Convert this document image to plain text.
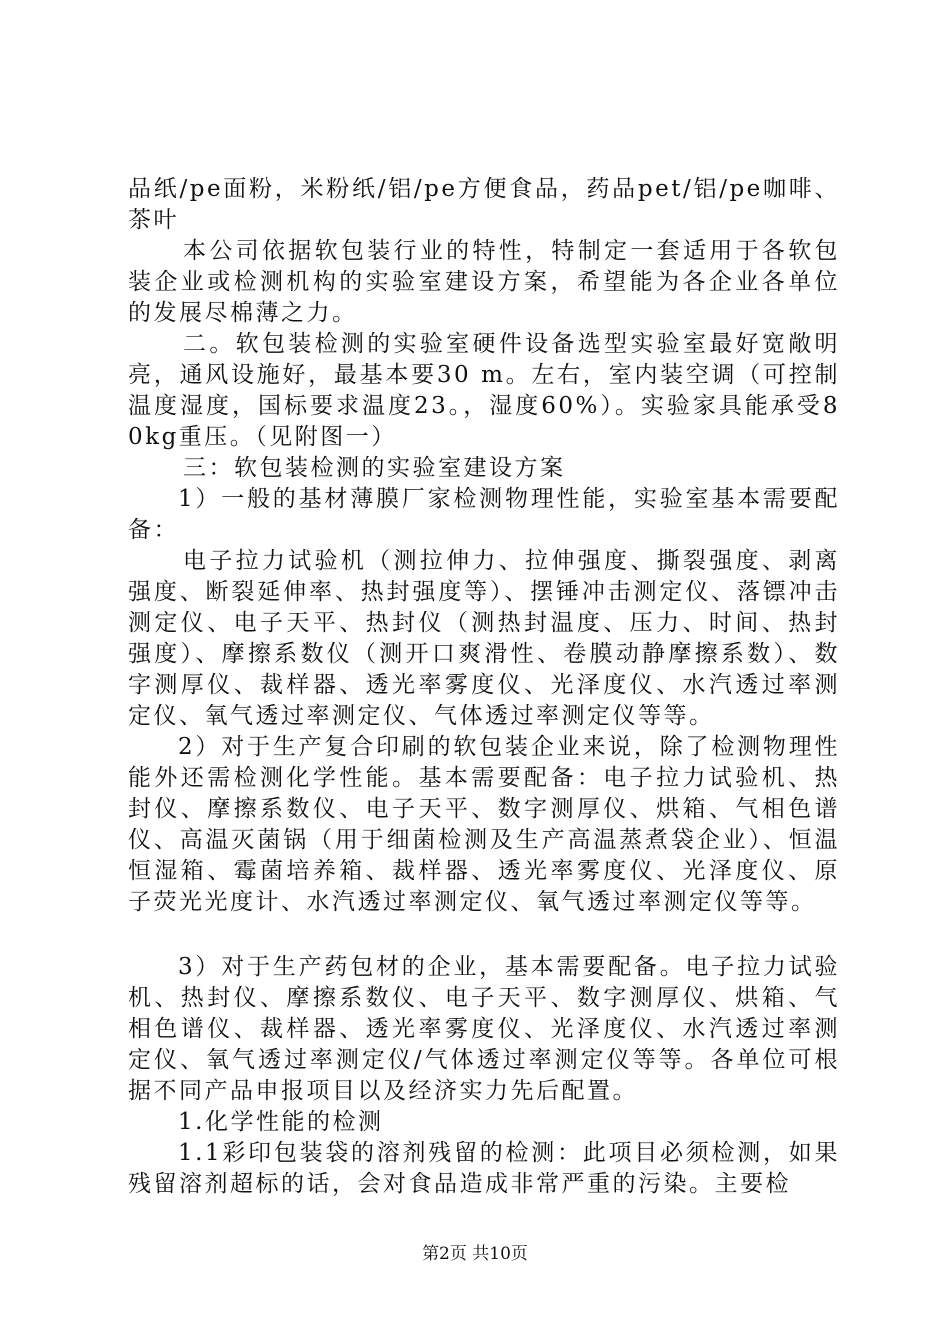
品纸/pe面粉，米粉纸/铝/pe方便食品，药品pet/铝/pe咖啡、茶叶

本公司依据软包装行业的特性，特制定一套适用于各软包装企业或检测机构的实验室建设方案，希望能为各企业各单位的发展尽棉薄之力。

二。软包装检测的实验室硬件设备选型实验室最好宽敞明亮，通风设施好，最基本要30 m。左右，室内装空调（可控制温度湿度，国标要求温度23。，湿度60%）。实验家具能承受80kg重压。（见附图一）

三：软包装检测的实验室建设方案

1）一般的基材薄膜厂家检测物理性能，实验室基本需要配备：

电子拉力试验机（测拉伸力、拉伸强度、撕裂强度、剥离强度、断裂延伸率、热封强度等）、摆锤冲击测定仪、落镖冲击测定仪、电子天平、热封仪（测热封温度、压力、时间、热封强度）、摩擦系数仪（测开口爽滑性、卷膜动静摩擦系数）、数字测厚仪、裁样器、透光率雾度仪、光泽度仪、水汽透过率测定仪、氧气透过率测定仪、气体透过率测定仪等等。

2）对于生产复合印刷的软包装企业来说，除了检测物理性能外还需检测化学性能。基本需要配备：电子拉力试验机、热封仪、摩擦系数仪、电子天平、数字测厚仪、烘箱、气相色谱仪、高温灭菌锅（用于细菌检测及生产高温蒸煮袋企业）、恒温恒湿箱、霉菌培养箱、裁样器、透光率雾度仪、光泽度仪、原子荧光光度计、水汽透过率测定仪、氧气透过率测定仪等等。

3）对于生产药包材的企业，基本需要配备。电子拉力试验机、热封仪、摩擦系数仪、电子天平、数字测厚仪、烘箱、气相色谱仪、裁样器、透光率雾度仪、光泽度仪、水汽透过率测定仪、氧气透过率测定仪/气体透过率测定仪等等。各单位可根据不同产品申报项目以及经济实力先后配置。

1.化学性能的检测

1.1彩印包装袋的溶剂残留的检测：此项目必须检测，如果残留溶剂超标的话，会对食品造成非常严重的污染。主要检

第2页 共10页
